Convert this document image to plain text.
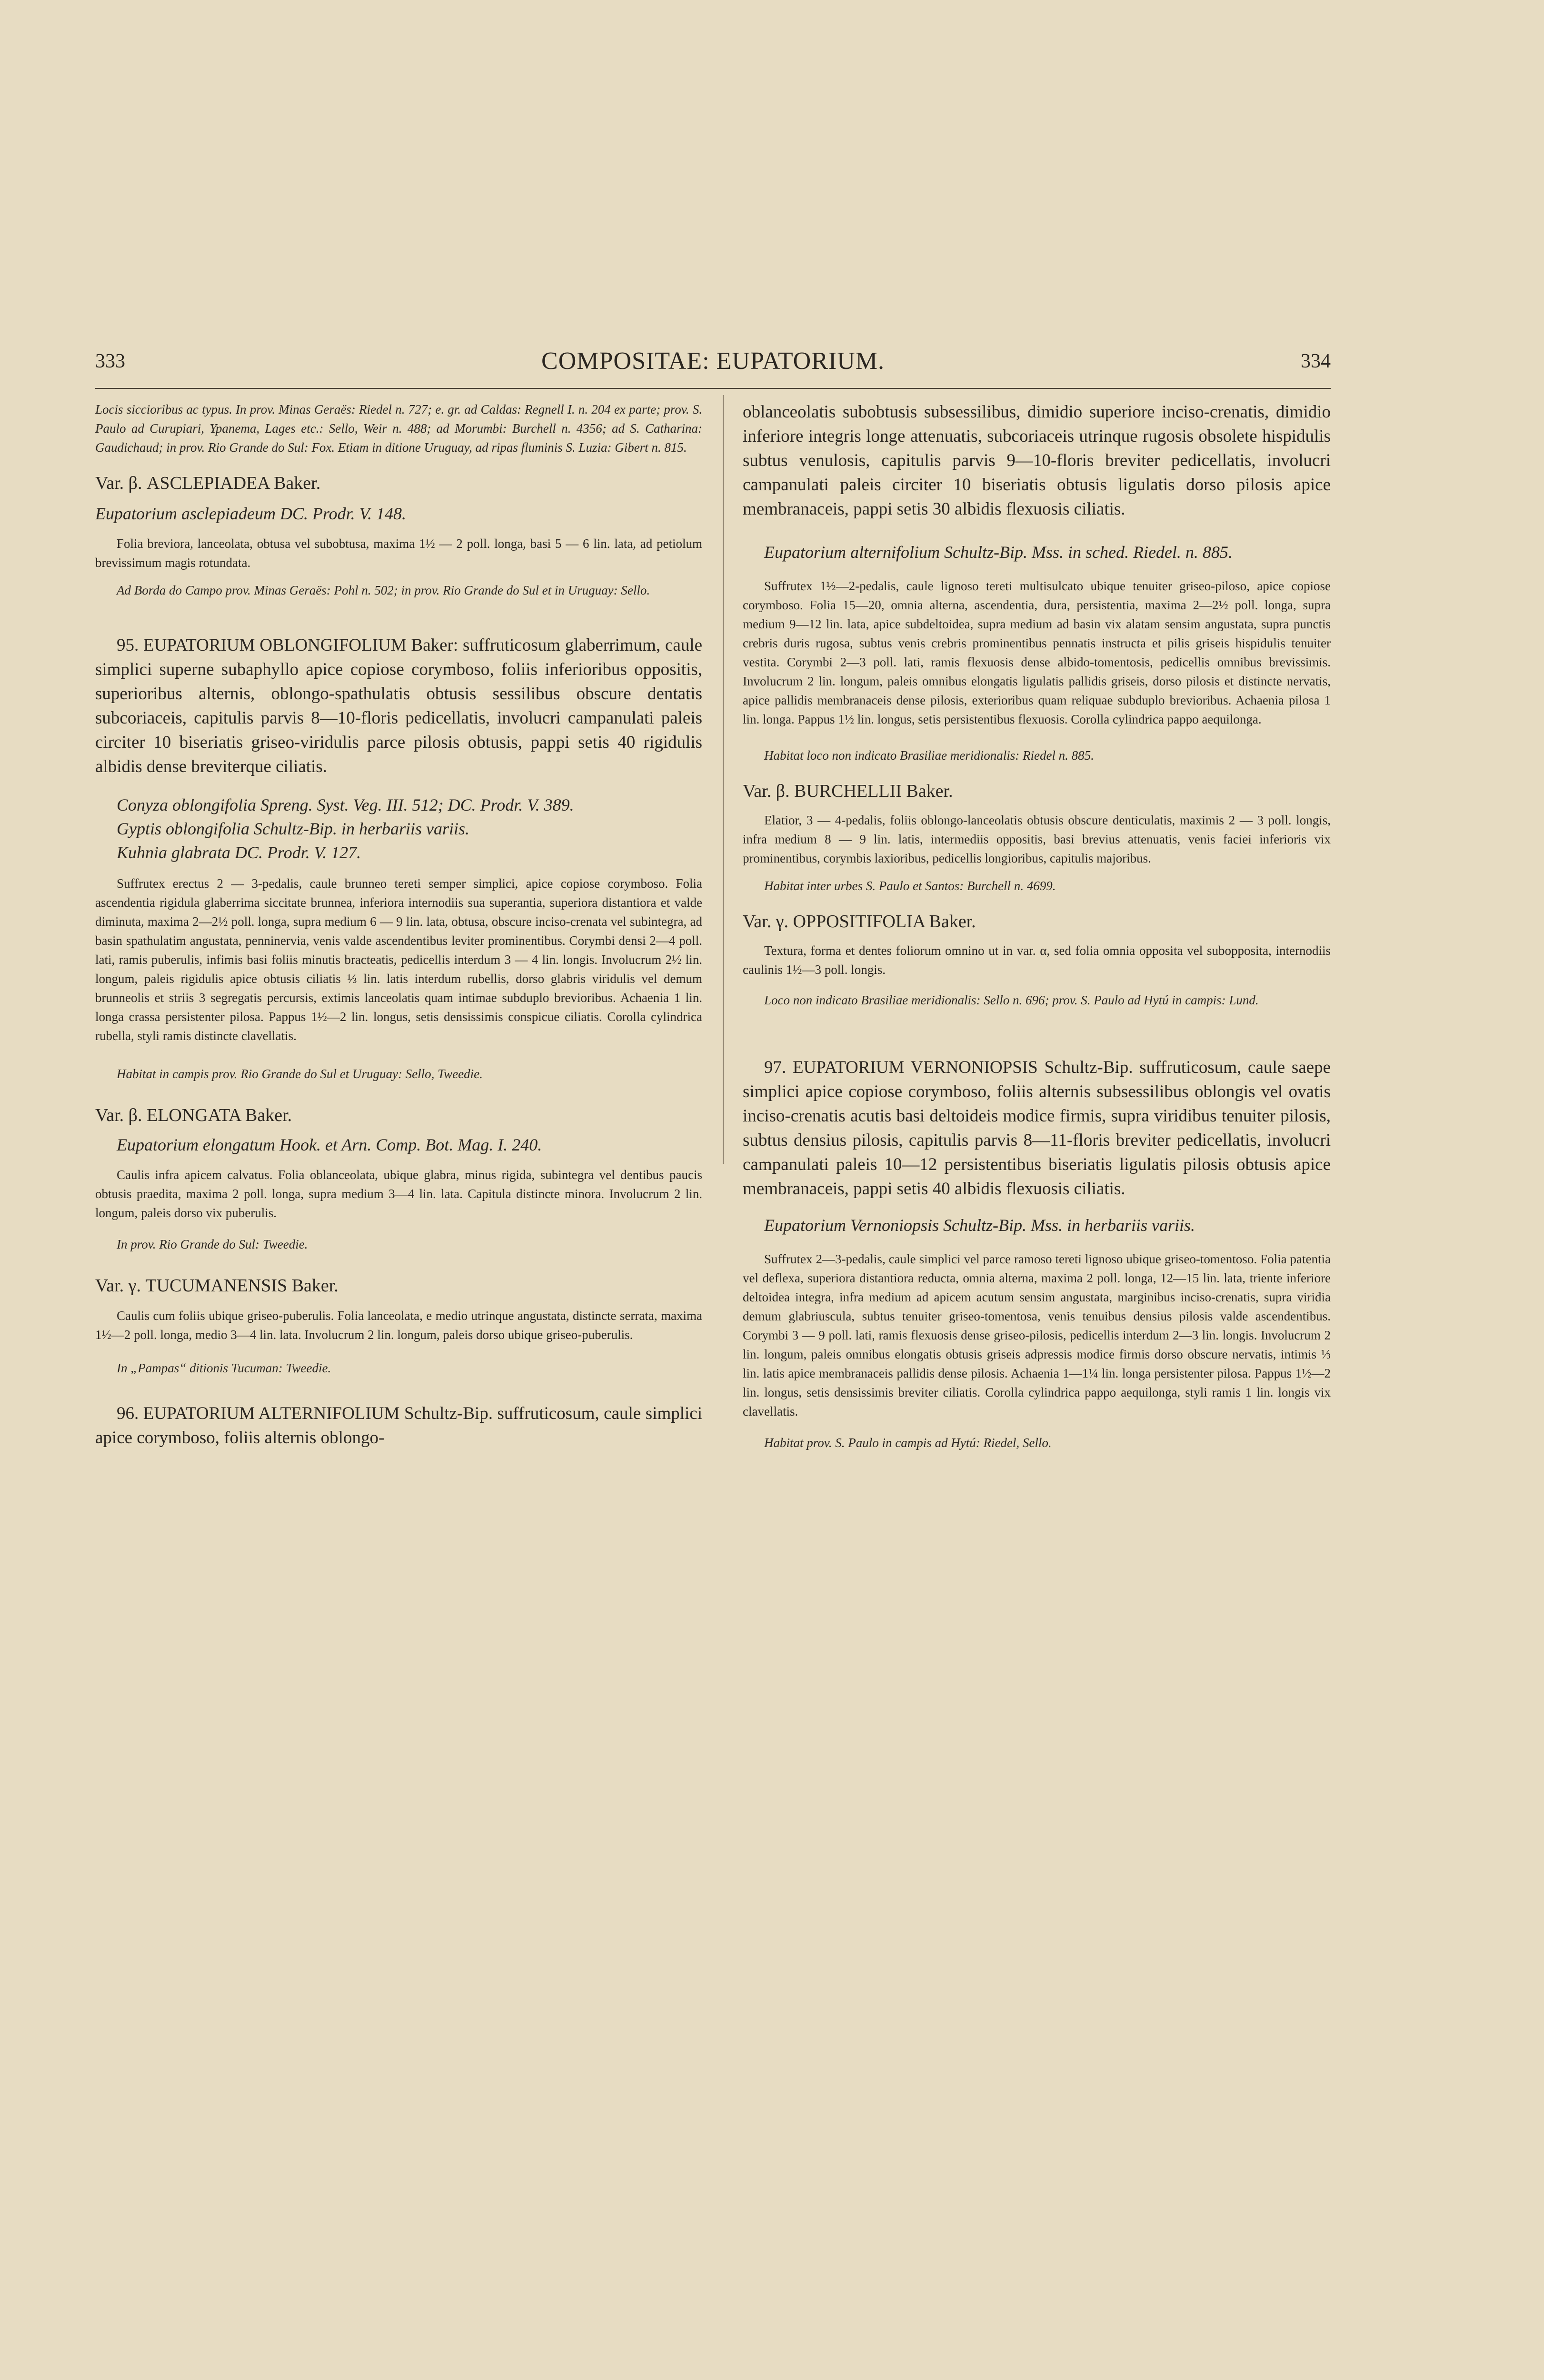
333	COMPOSITAE: EUPATORIUM.	334

Locis siccioribus ac typus. In prov. Minas Geraës: Riedel n. 727; e. gr. ad Caldas: Regnell I. n. 204 ex parte; prov. S. Paulo ad Curupiari, Ypanema, Lages etc.: Sello, Weir n. 488; ad Morumbi: Burchell n. 4356; ad S. Catharina: Gaudichaud; in prov. Rio Grande do Sul: Fox. Etiam in ditione Uruguay, ad ripas fluminis S. Luzia: Gibert n. 815.

Var. β. ASCLEPIADEA Baker.

Eupatorium asclepiadeum DC. Prodr. V. 148.

Folia breviora, lanceolata, obtusa vel subobtusa, maxima 1½ — 2 poll. longa, basi 5 — 6 lin. lata, ad petiolum brevissimum magis rotundata.

Ad Borda do Campo prov. Minas Geraës: Pohl n. 502; in prov. Rio Grande do Sul et in Uruguay: Sello.

95. EUPATORIUM OBLONGIFOLIUM Baker: suffruticosum glaberrimum, caule simplici superne subaphyllo apice copiose corymboso, foliis inferioribus oppositis, superioribus alternis, oblongo-spathulatis obtusis sessilibus obscure dentatis subcoriaceis, capitulis parvis 8—10-floris pedicellatis, involucri campanulati paleis circiter 10 biseriatis griseo-viridulis parce pilosis obtusis, pappi setis 40 rigidulis albidis dense breviterque ciliatis.

Conyza oblongifolia Spreng. Syst. Veg. III. 512; DC. Prodr. V. 389.

Gyptis oblongifolia Schultz-Bip. in herbariis variis.

Kuhnia glabrata DC. Prodr. V. 127.

Suffrutex erectus 2 — 3-pedalis, caule brunneo tereti semper simplici, apice copiose corymboso. Folia ascendentia rigidula glaberrima siccitate brunnea, inferiora internodiis sua superantia, superiora distantiora et valde diminuta, maxima 2—2½ poll. longa, supra medium 6 — 9 lin. lata, obtusa, obscure inciso-crenata vel subintegra, ad basin spathulatim angustata, penninervia, venis valde ascendentibus leviter prominentibus. Corymbi densi 2—4 poll. lati, ramis puberulis, infimis basi foliis minutis bracteatis, pedicellis interdum 3 — 4 lin. longis. Involucrum 2½ lin. longum, paleis rigidulis apice obtusis ciliatis ⅓ lin. latis interdum rubellis, dorso glabris viridulis vel demum brunneolis et striis 3 segregatis percursis, extimis lanceolatis quam intimae subduplo brevioribus. Achaenia 1 lin. longa crassa persistenter pilosa. Pappus 1½—2 lin. longus, setis densissimis conspicue ciliatis. Corolla cylindrica rubella, styli ramis distincte clavellatis.

Habitat in campis prov. Rio Grande do Sul et Uruguay: Sello, Tweedie.

Var. β. ELONGATA Baker.

Eupatorium elongatum Hook. et Arn. Comp. Bot. Mag. I. 240.

Caulis infra apicem calvatus. Folia oblanceolata, ubique glabra, minus rigida, subintegra vel dentibus paucis obtusis praedita, maxima 2 poll. longa, supra medium 3—4 lin. lata. Capitula distincte minora. Involucrum 2 lin. longum, paleis dorso vix puberulis.

In prov. Rio Grande do Sul: Tweedie.

Var. γ. TUCUMANENSIS Baker.

Caulis cum foliis ubique griseo-puberulis. Folia lanceolata, e medio utrinque angustata, distincte serrata, maxima 1½—2 poll. longa, medio 3—4 lin. lata. Involucrum 2 lin. longum, paleis dorso ubique griseo-puberulis.

In „Pampas“ ditionis Tucuman: Tweedie.

96. EUPATORIUM ALTERNIFOLIUM Schultz-Bip. suffruticosum, caule simplici apice corymboso, foliis alternis oblongo-

oblanceolatis subobtusis subsessilibus, dimidio superiore inciso-crenatis, dimidio inferiore integris longe attenuatis, subcoriaceis utrinque rugosis obsolete hispidulis subtus venulosis, capitulis parvis 9—10-floris breviter pedicellatis, involucri campanulati paleis circiter 10 biseriatis obtusis ligulatis dorso pilosis apice membranaceis, pappi setis 30 albidis flexuosis ciliatis.

Eupatorium alternifolium Schultz-Bip. Mss. in sched. Riedel. n. 885.

Suffrutex 1½—2-pedalis, caule lignoso tereti multisulcato ubique tenuiter griseo-piloso, apice copiose corymboso. Folia 15—20, omnia alterna, ascendentia, dura, persistentia, maxima 2—2½ poll. longa, supra medium 9—12 lin. lata, apice subdeltoidea, supra medium ad basin vix alatam sensim angustata, supra punctis crebris duris rugosa, subtus venis crebris prominentibus pennatis instructa et pilis griseis hispidulis tenuiter vestita. Corymbi 2—3 poll. lati, ramis flexuosis dense albido-tomentosis, pedicellis omnibus brevissimis. Involucrum 2 lin. longum, paleis omnibus elongatis ligulatis pallidis griseis, dorso pilosis et distincte nervatis, apice pallidis membranaceis dense pilosis, exterioribus quam reliquae subduplo brevioribus. Achaenia pilosa 1 lin. longa. Pappus 1½ lin. longus, setis persistentibus flexuosis. Corolla cylindrica pappo aequilonga.

Habitat loco non indicato Brasiliae meridionalis: Riedel n. 885.

Var. β. BURCHELLII Baker.

Elatior, 3 — 4-pedalis, foliis oblongo-lanceolatis obtusis obscure denticulatis, maximis 2 — 3 poll. longis, infra medium 8 — 9 lin. latis, intermediis oppositis, basi brevius attenuatis, venis faciei inferioris vix prominentibus, corymbis laxioribus, pedicellis longioribus, capitulis majoribus.

Habitat inter urbes S. Paulo et Santos: Burchell n. 4699.

Var. γ. OPPOSITIFOLIA Baker.

Textura, forma et dentes foliorum omnino ut in var. α, sed folia omnia opposita vel subopposita, internodiis caulinis 1½—3 poll. longis.

Loco non indicato Brasiliae meridionalis: Sello n. 696; prov. S. Paulo ad Hytú in campis: Lund.

97. EUPATORIUM VERNONIOPSIS Schultz-Bip. suffruticosum, caule saepe simplici apice copiose corymboso, foliis alternis subsessilibus oblongis vel ovatis inciso-crenatis acutis basi deltoideis modice firmis, supra viridibus tenuiter pilosis, subtus densius pilosis, capitulis parvis 8—11-floris breviter pedicellatis, involucri campanulati paleis 10—12 persistentibus biseriatis ligulatis pilosis obtusis apice membranaceis, pappi setis 40 albidis flexuosis ciliatis.

Eupatorium Vernoniopsis Schultz-Bip. Mss. in herbariis variis.

Suffrutex 2—3-pedalis, caule simplici vel parce ramoso tereti lignoso ubique griseo-tomentoso. Folia patentia vel deflexa, superiora distantiora reducta, omnia alterna, maxima 2 poll. longa, 12—15 lin. lata, triente inferiore deltoidea integra, infra medium ad apicem acutum sensim angustata, marginibus inciso-crenatis, supra viridia demum glabriuscula, subtus tenuiter griseo-tomentosa, venis tenuibus densius pilosis valde ascendentibus. Corymbi 3 — 9 poll. lati, ramis flexuosis dense griseo-pilosis, pedicellis interdum 2—3 lin. longis. Involucrum 2 lin. longum, paleis omnibus elongatis obtusis griseis adpressis modice firmis dorso obscure nervatis, intimis ⅓ lin. latis apice membranaceis pallidis dense pilosis. Achaenia 1—1¼ lin. longa persistenter pilosa. Pappus 1½—2 lin. longus, setis densissimis breviter ciliatis. Corolla cylindrica pappo aequilonga, styli ramis 1 lin. longis vix clavellatis.

Habitat prov. S. Paulo in campis ad Hytú: Riedel, Sello.
